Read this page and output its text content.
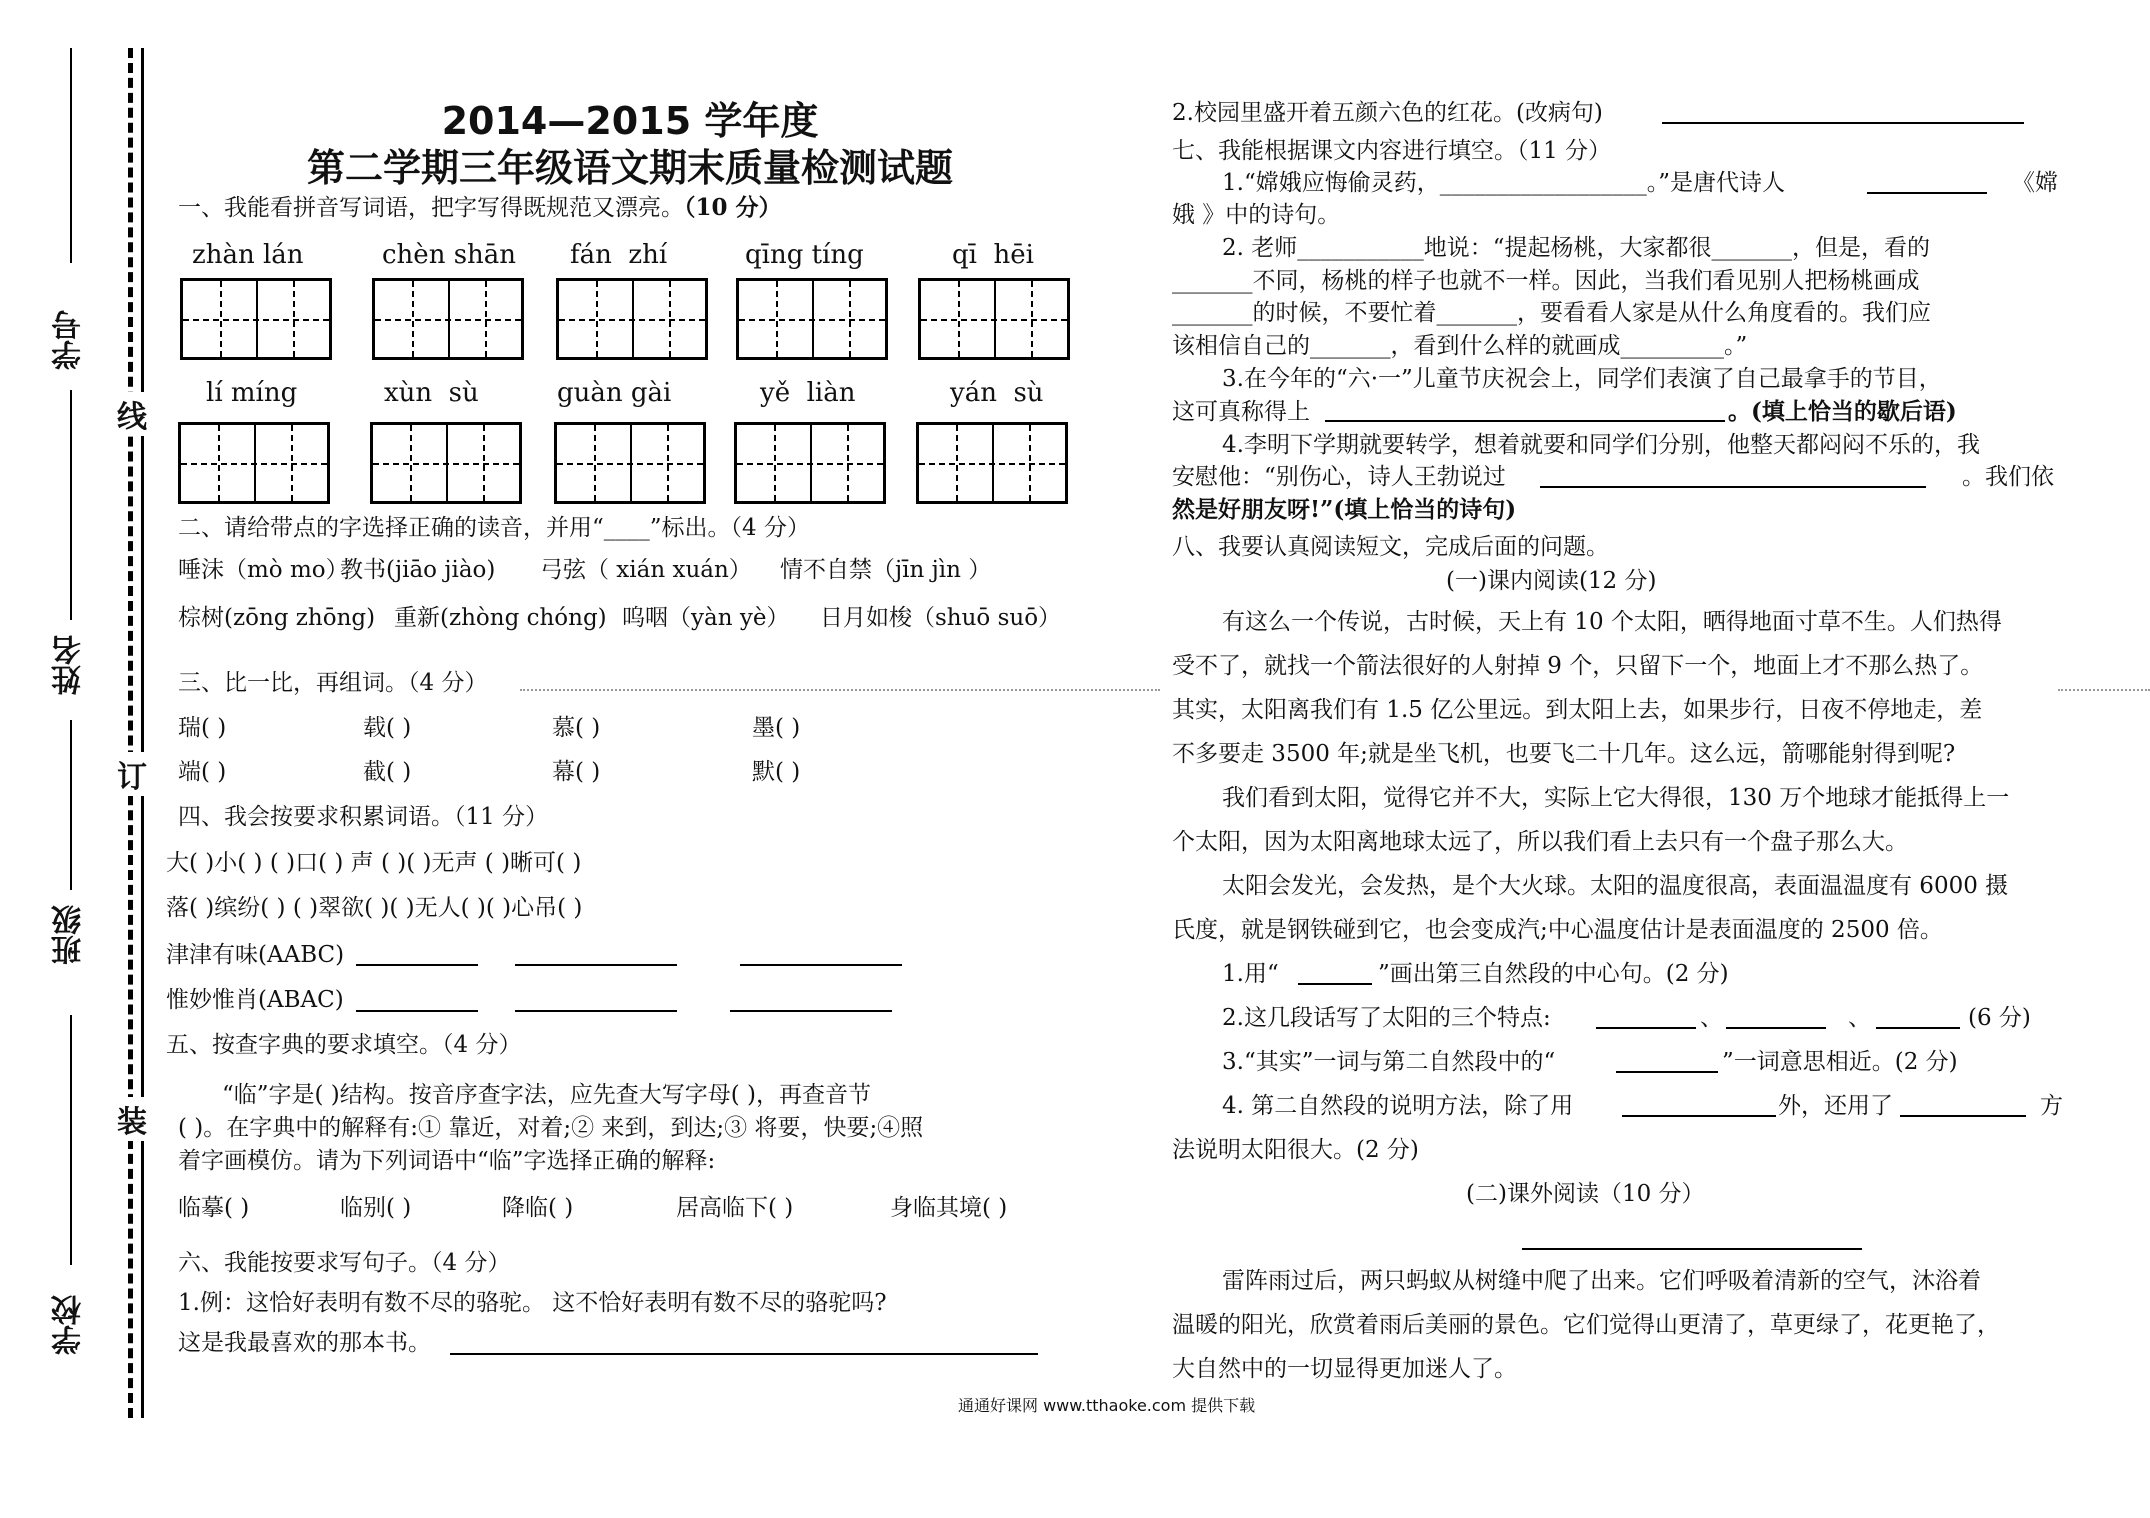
学号
姓名
班级
学校
线
订
装
2014—2015 学年度
第二学期三年级语文期末质量检测试题
一、我能看拼音写词语，把字写得既规范又漂亮。（10 分）
zhàn lán	chèn shān fán  zhí	qīng tíng	qī  hēi
lí míng	xùn  sù	guàn gài	yě  liàn	yán  sù
二、请给带点的字选择正确的读音，并用“____”标出。（4 分）
唾沫（mò mo）
教书(jiāo jiào) 弓弦（ xián xuán） 情不自禁（jīn jìn ）
棕树(zōng zhōng) 重新(zhòng chóng) 呜咽（yàn yè） 日月如梭（shuō suō）
三、比一比，再组词。（4 分）
瑞( )	载( )	慕( )	墨( )
端( )	截( )	幕( )	默( )
四、我会按要求积累词语。（11 分）
大( )小( ) ( )口( ) 声 ( )( )无声 ( )晰可( )
落( )缤纷( ) ( )翠欲( )( )无人( )( )心吊( )
津津有味(AABC)
惟妙惟肖(ABAC)
五、按查字典的要求填空。（4 分）
“临”字是( )结构。按音序查字法，应先查大写字母( )，再查音节
( )。在字典中的解释有:① 靠近，对着;② 来到，到达;③ 将要，快要;④照
着字画模仿。请为下列词语中“临”字选择正确的解释:
临摹( )	临别( )	降临( )	居高临下( )	身临其境( )
六、我能按要求写句子。（4 分）
1.例：这恰好表明有数不尽的骆驼。 这不恰好表明有数不尽的骆驼吗?
这是我最喜欢的那本书。
2.校园里盛开着五颜六色的红花。(改病句)
七、我能根据课文内容进行填空。（11 分）
1.“嫦娥应悔偷灵药，__________________。”是唐代诗人	《嫦
娥 》中的诗句。
2. 老师___________地说：“提起杨桃，大家都很_______，但是，看的
_______不同，杨桃的样子也就不一样。因此，当我们看见别人把杨桃画成
_______的时候，不要忙着_______，要看看人家是从什么角度看的。我们应
该相信自己的_______，看到什么样的就画成_________。”
3.在今年的“六·一”儿童节庆祝会上，同学们表演了自己最拿手的节目，
这可真称得上	。(填上恰当的歇后语)
4.李明下学期就要转学，想着就要和同学们分别，他整天都闷闷不乐的，我
安慰他：“别伤心，诗人王勃说过	。我们依
然是好朋友呀!”(填上恰当的诗句)
八、我要认真阅读短文，完成后面的问题。
(一)课内阅读(12 分)
有这么一个传说，古时候，天上有 10 个太阳，晒得地面寸草不生。人们热得
受不了，就找一个箭法很好的人射掉 9 个，只留下一个，地面上才不那么热了。
其实，太阳离我们有 1.5 亿公里远。到太阳上去，如果步行，日夜不停地走，差
不多要走 3500 年;就是坐飞机，也要飞二十几年。这么远，箭哪能射得到呢?
我们看到太阳，觉得它并不大，实际上它大得很，130 万个地球才能抵得上一
个太阳，因为太阳离地球太远了，所以我们看上去只有一个盘子那么大。
太阳会发光，会发热，是个大火球。太阳的温度很高，表面温温度有 6000 摄
氏度，就是钢铁碰到它，也会变成汽;中心温度估计是表面温度的 2500 倍。
1.用“	”画出第三自然段的中心句。(2 分)
2.这几段话写了太阳的三个特点:	、	、	(6 分)
3.“其实”一词与第二自然段中的“	”一词意思相近。(2 分)
4. 第二自然段的说明方法，除了用	外，还用了	方
法说明太阳很大。(2 分)
(二)课外阅读（10 分）
雷阵雨过后，两只蚂蚁从树缝中爬了出来。它们呼吸着清新的空气，沐浴着
温暖的阳光，欣赏着雨后美丽的景色。它们觉得山更清了，草更绿了，花更艳了，
大自然中的一切显得更加迷人了。
通通好课网 www.tthaoke.com 提供下载
